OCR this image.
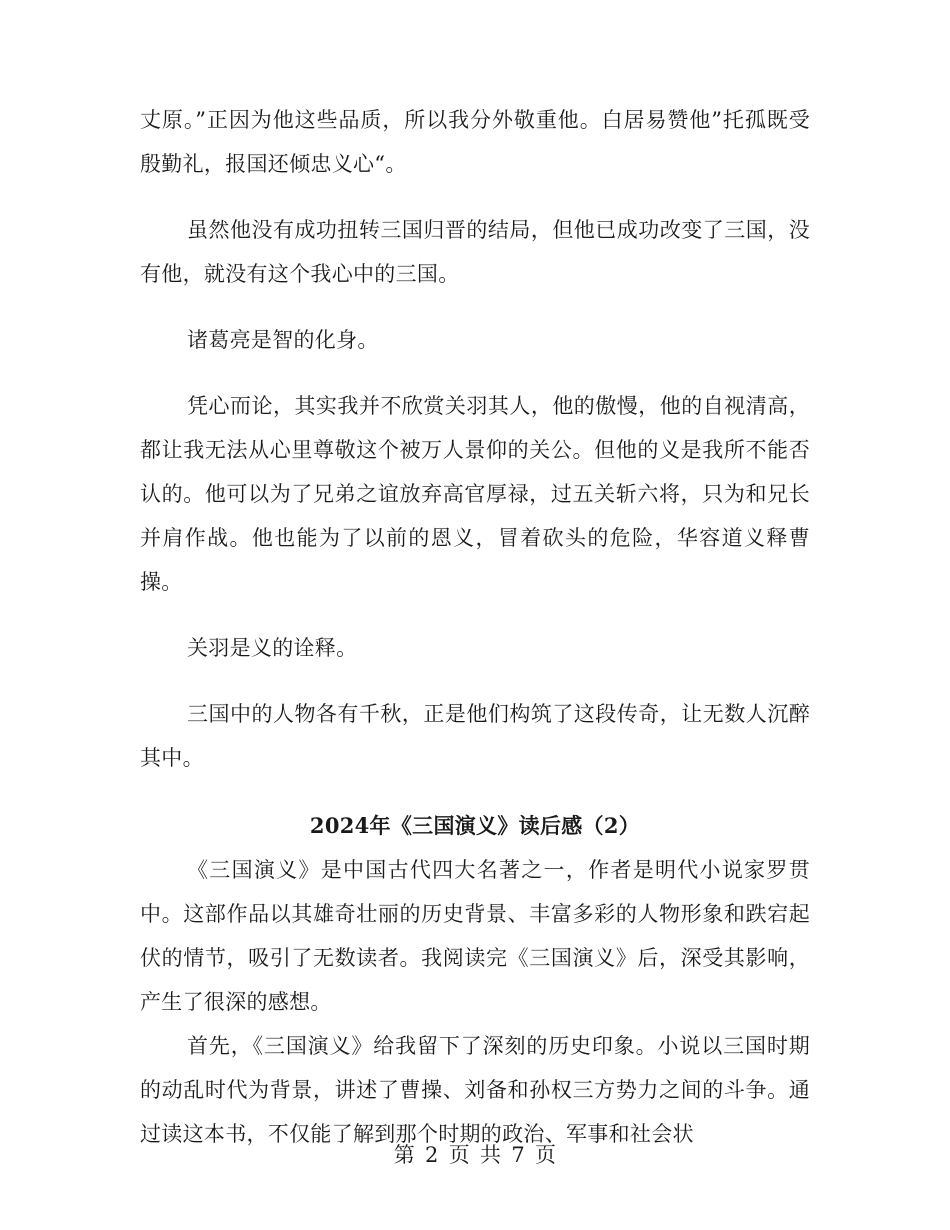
丈原。”正因为他这些品质，所以我分外敬重他。白居易赞他”托孤既受殷勤礼，报国还倾忠义心“。

虽然他没有成功扭转三国归晋的结局，但他已成功改变了三国，没有他，就没有这个我心中的三国。

诸葛亮是智的化身。

凭心而论，其实我并不欣赏关羽其人，他的傲慢，他的自视清高，都让我无法从心里尊敬这个被万人景仰的关公。但他的义是我所不能否认的。他可以为了兄弟之谊放弃高官厚禄，过五关斩六将，只为和兄长并肩作战。他也能为了以前的恩义，冒着砍头的危险，华容道义释曹操。

关羽是义的诠释。

三国中的人物各有千秋，正是他们构筑了这段传奇，让无数人沉醉其中。

2024年《三国演义》读后感（2）

《三国演义》是中国古代四大名著之一，作者是明代小说家罗贯中。这部作品以其雄奇壮丽的历史背景、丰富多彩的人物形象和跌宕起伏的情节，吸引了无数读者。我阅读完《三国演义》后，深受其影响，产生了很深的感想。

首先，《三国演义》给我留下了深刻的历史印象。小说以三国时期的动乱时代为背景，讲述了曹操、刘备和孙权三方势力之间的斗争。通过读这本书，不仅能了解到那个时期的政治、军事和社会状

第 2 页 共 7 页
